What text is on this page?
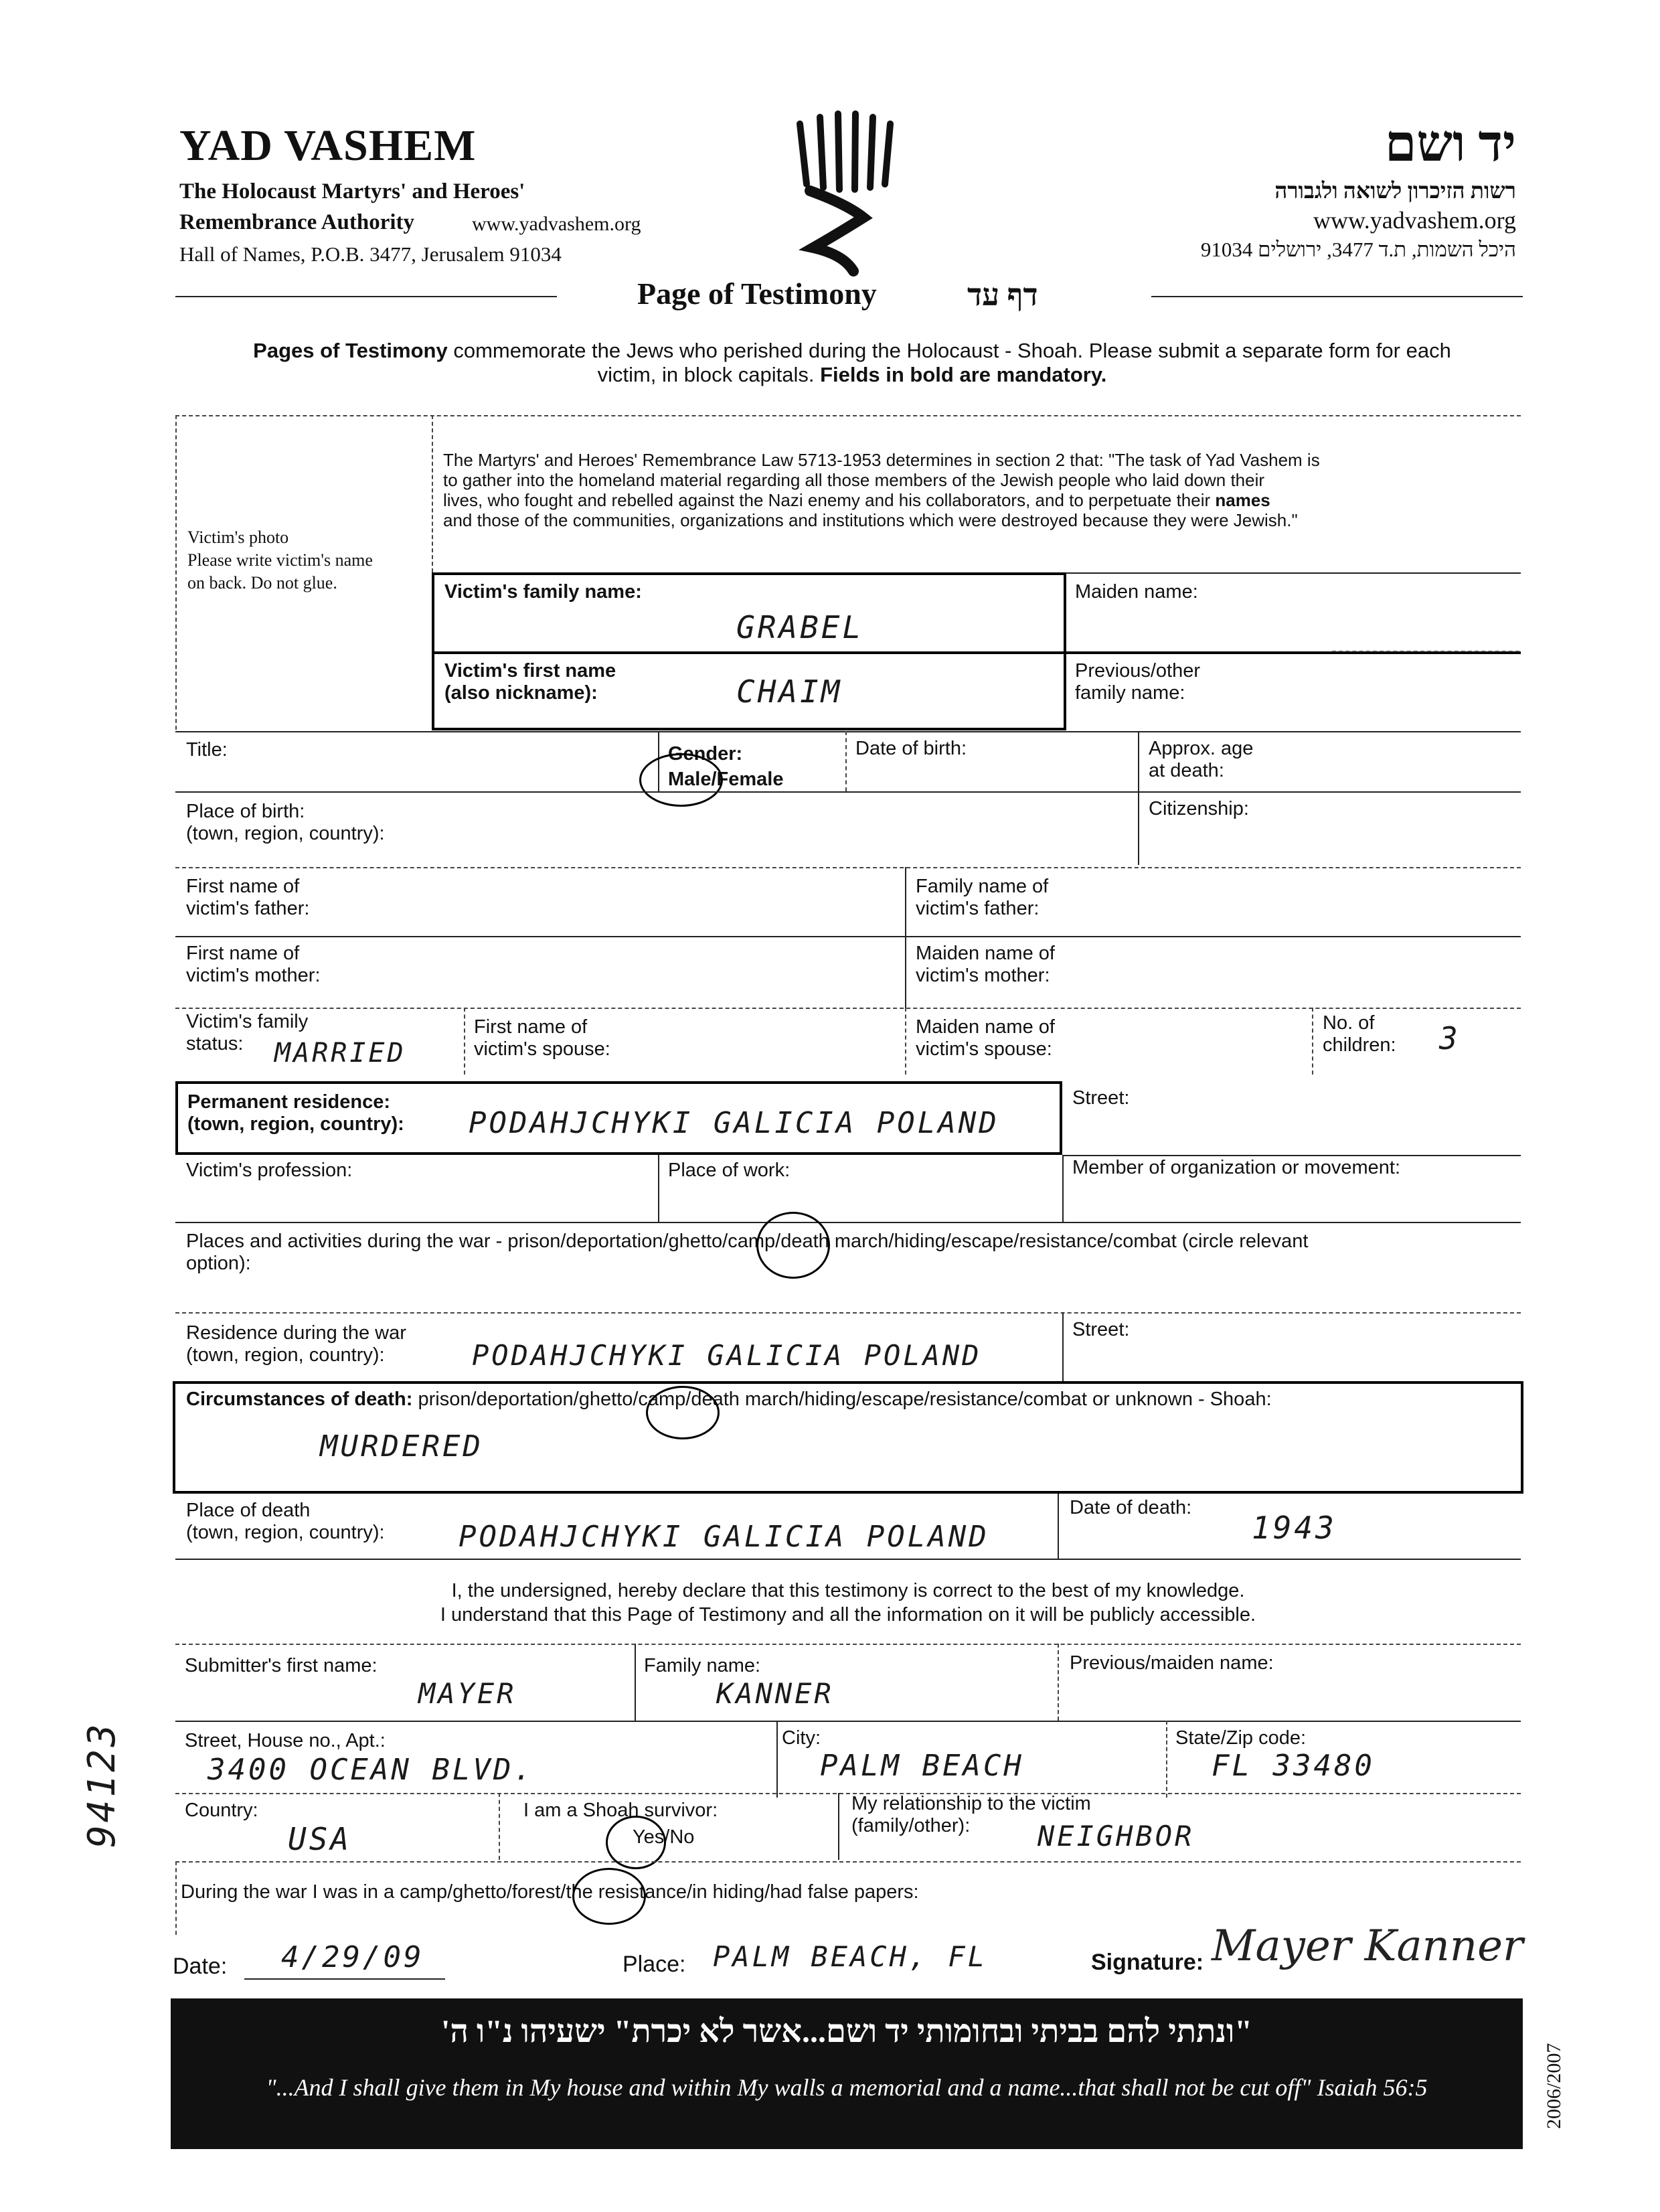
YAD VASHEM
The Holocaust Martyrs' and Heroes'
Remembrance Authority	www.yadvashem.org
Hall of Names, P.O.B. 3477, Jerusalem 91034
יד ושם
רשות הזיכרון לשואה ולגבורה
www.yadvashem.org
היכל השמות, ת.ד 3477, ירושלים 91034
Page of Testimony	דף עד
Pages of Testimony commemorate the Jews who perished during the Holocaust - Shoah. Please submit a separate form for each
victim, in block capitals. Fields in bold are mandatory.
Victim's photo
Please write victim's name
on back. Do not glue.
The Martyrs' and Heroes' Remembrance Law 5713-1953 determines in section 2 that: "The task of Yad Vashem is
to gather into the homeland material regarding all those members of the Jewish people who laid down their
lives, who fought and rebelled against the Nazi enemy and his collaborators, and to perpetuate their names
and those of the communities, organizations and institutions which were destroyed because they were Jewish."
Victim's family name:
GRABEL
Maiden name:
Victim's first name
(also nickname):	CHAIM
Previous/other
family name:
Title:	Gender:
Male/Female
Date of birth:	Approx. age
at death:
Place of birth:
(town, region, country):
Citizenship:
First name of
victim's father:
Family name of
victim's father:
First name of
victim's mother:
Maiden name of
victim's mother:
Victim's family
status:	MARRIED
First name of
victim's spouse:
Maiden name of
victim's spouse:
No. of
children: 3
Permanent residence:
(town, region, country): PODAHJCHYKI GALICIA POLAND
Street:
Victim's profession:	Place of work:	Member of organization or movement:
Places and activities during the war - prison/deportation/ghetto/camp/death march/hiding/escape/resistance/combat (circle relevant
option):
Residence during the war
(town, region, country):	PODAHJCHYKI GALICIA POLAND
Street:
Circumstances of death: prison/deportation/ghetto/camp/death march/hiding/escape/resistance/combat or unknown - Shoah:
MURDERED
Place of death
(town, region, country):	PODAHJCHYKI GALICIA POLAND
Date of death:
1943
I, the undersigned, hereby declare that this testimony is correct to the best of my knowledge.
I understand that this Page of Testimony and all the information on it will be publicly accessible.
Submitter's first name:
MAYER
Family name:
KANNER
Previous/maiden name:
Street, House no., Apt.:
3400 OCEAN BLVD.
City:
PALM BEACH
State/Zip code:
FL 33480
Country:
USA
I am a Shoah survivor:
Yes/No
My relationship to the victim
(family/other):	NEIGHBOR
During the war I was in a camp/ghetto/forest/the resistance/in hiding/had false papers:
Date: 4/29/09	Place: PALM BEACH, FL	Signature: Mayer Kanner
94123
"ונתתי להם בביתי ובחומותי יד ושם...אשר לא יכרת" ישעיהו נ"ו ה'
"...And I shall give them in My house and within My walls a memorial and a name...that shall not be cut off" Isaiah 56:5	2006/2007
